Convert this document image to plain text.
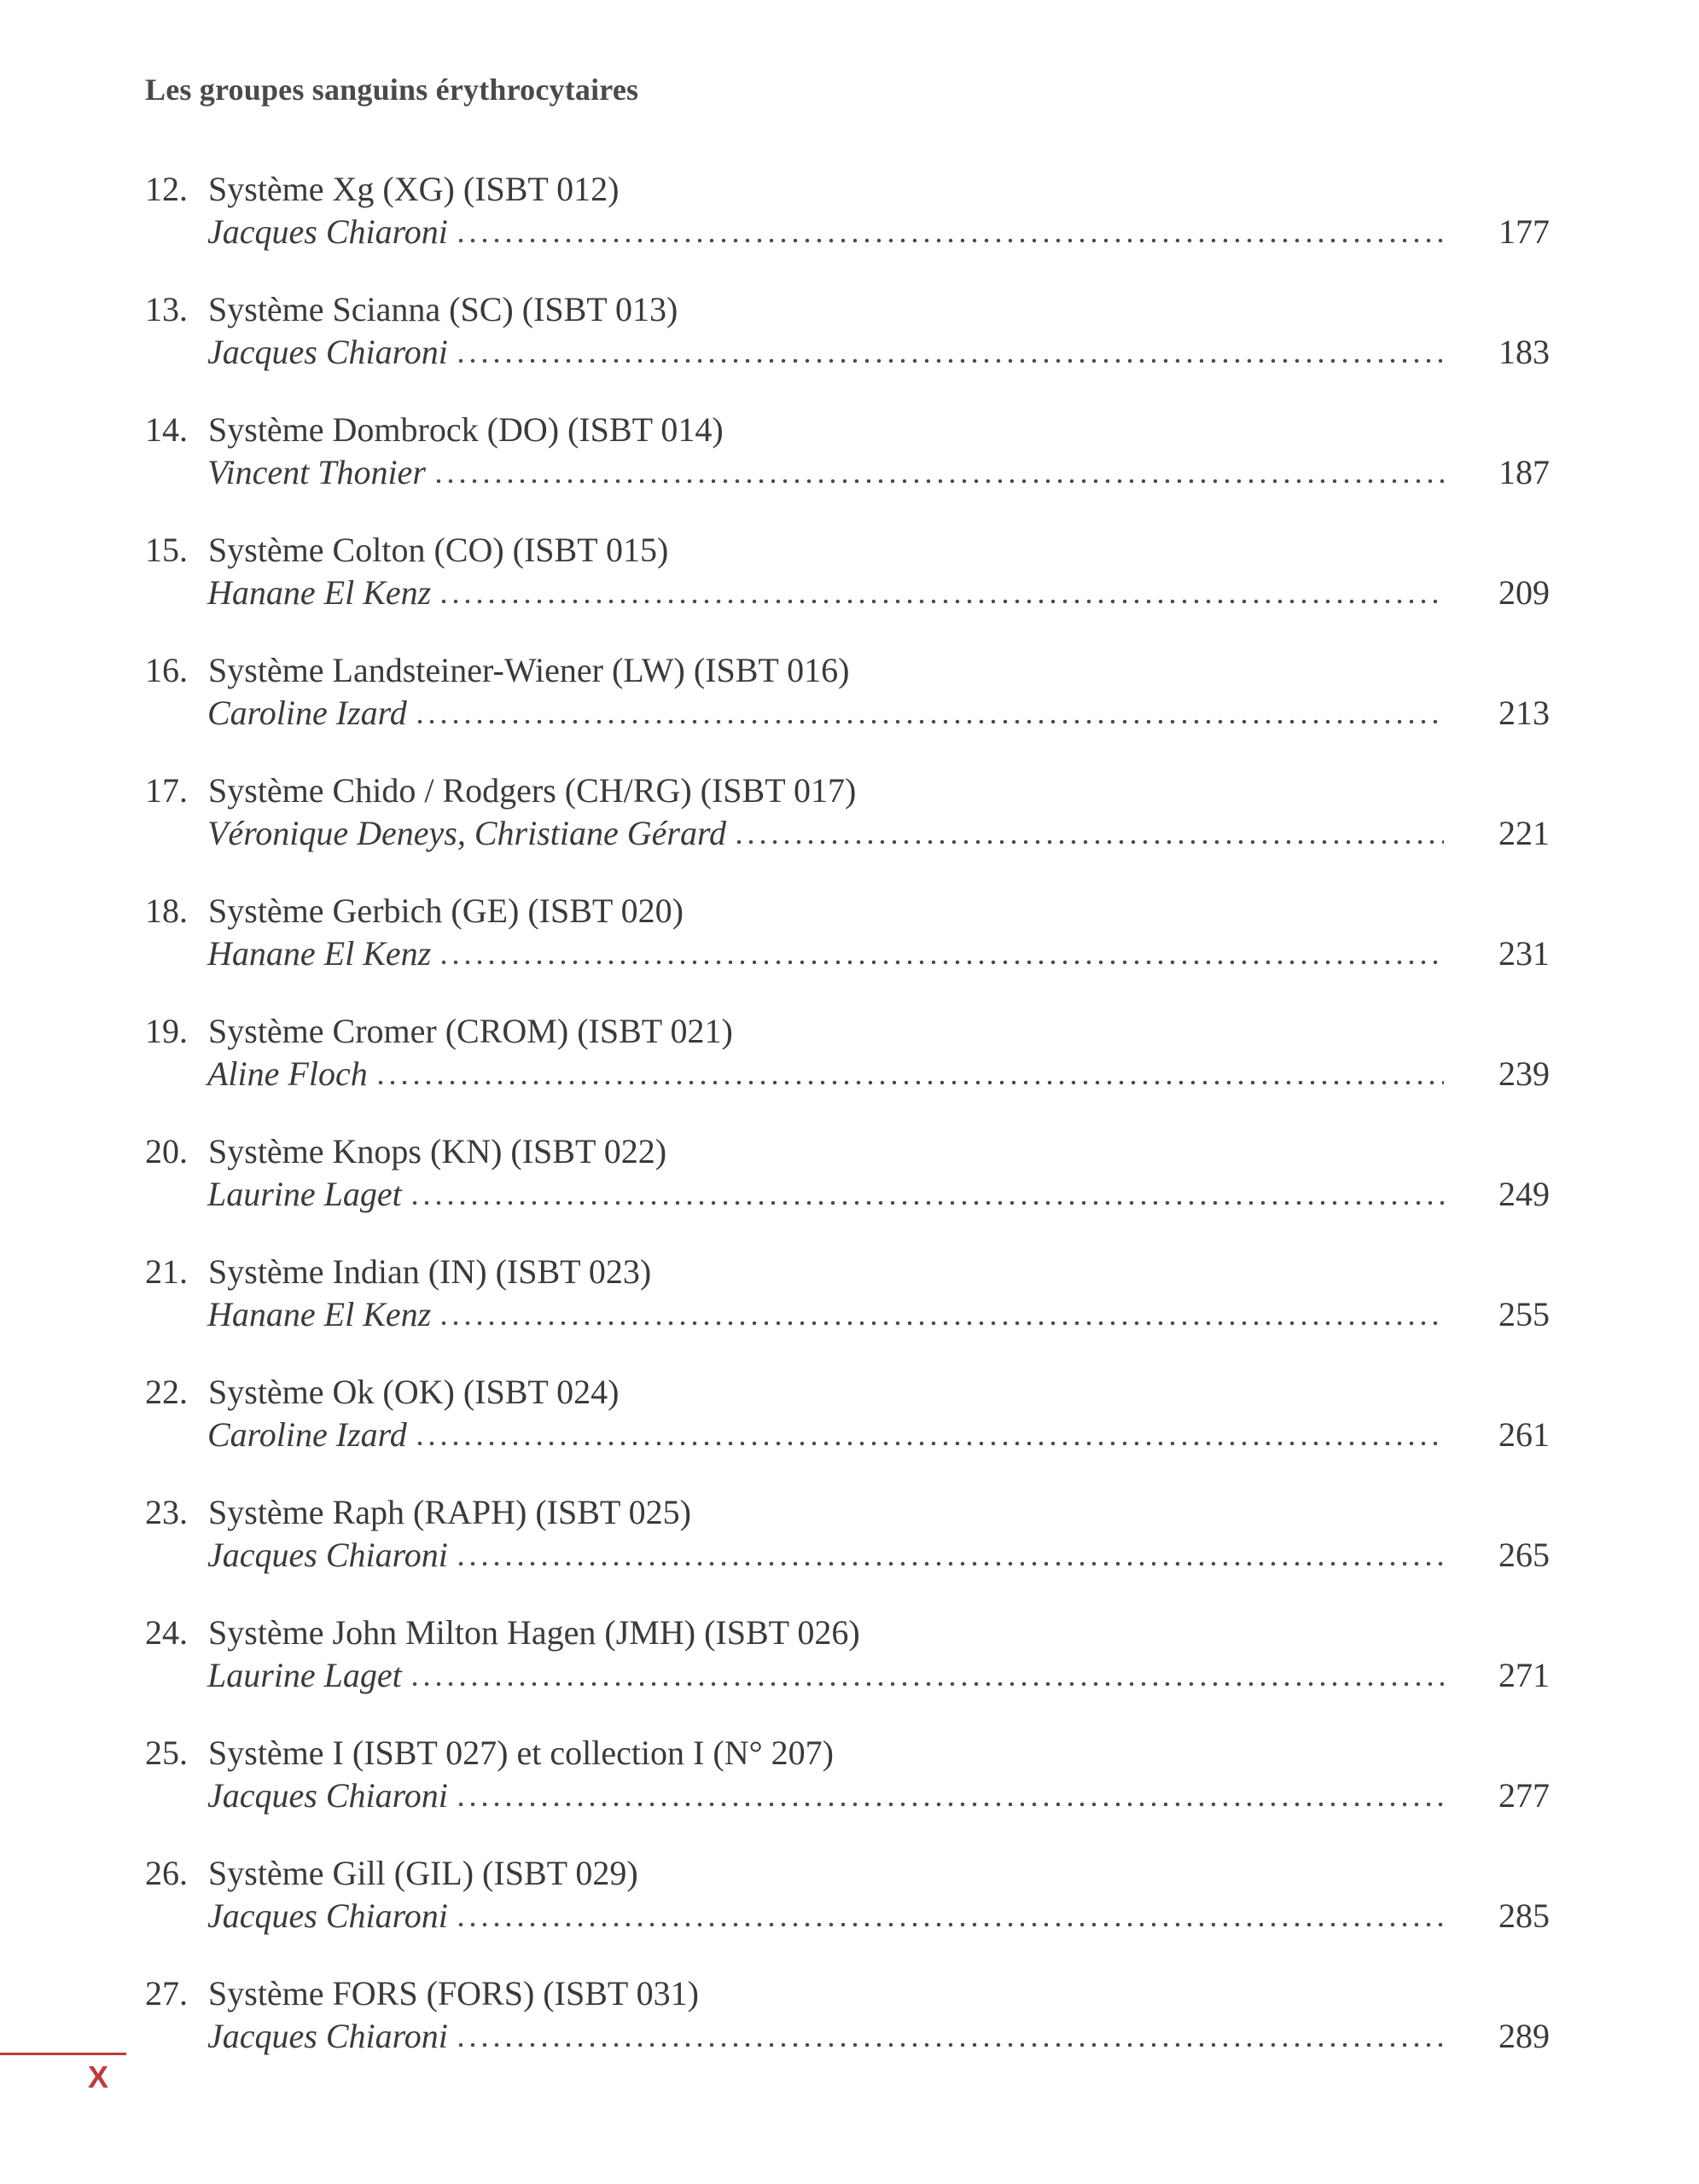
Les groupes sanguins érythrocytaires
12. Système Xg (XG) (ISBT 012)
Jacques Chiaroni	177
13. Système Scianna (SC) (ISBT 013)
Jacques Chiaroni	183
14. Système Dombrock (DO) (ISBT 014)
Vincent Thonier	187
15. Système Colton (CO) (ISBT 015)
Hanane El Kenz	209
16. Système Landsteiner-Wiener (LW) (ISBT 016)
Caroline Izard	213
17. Système Chido / Rodgers (CH/RG) (ISBT 017)
Véronique Deneys, Christiane Gérard	221
18. Système Gerbich (GE) (ISBT 020)
Hanane El Kenz	231
19. Système Cromer (CROM) (ISBT 021)
Aline Floch	239
20. Système Knops (KN) (ISBT 022)
Laurine Laget	249
21. Système Indian (IN) (ISBT 023)
Hanane El Kenz	255
22. Système Ok (OK) (ISBT 024)
Caroline Izard	261
23. Système Raph (RAPH) (ISBT 025)
Jacques Chiaroni	265
24. Système John Milton Hagen (JMH) (ISBT 026)
Laurine Laget	271
25. Système I (ISBT 027) et collection I (N° 207)
Jacques Chiaroni	277
26. Système Gill (GIL) (ISBT 029)
Jacques Chiaroni	285
27. Système FORS (FORS) (ISBT 031)
Jacques Chiaroni	289
X
